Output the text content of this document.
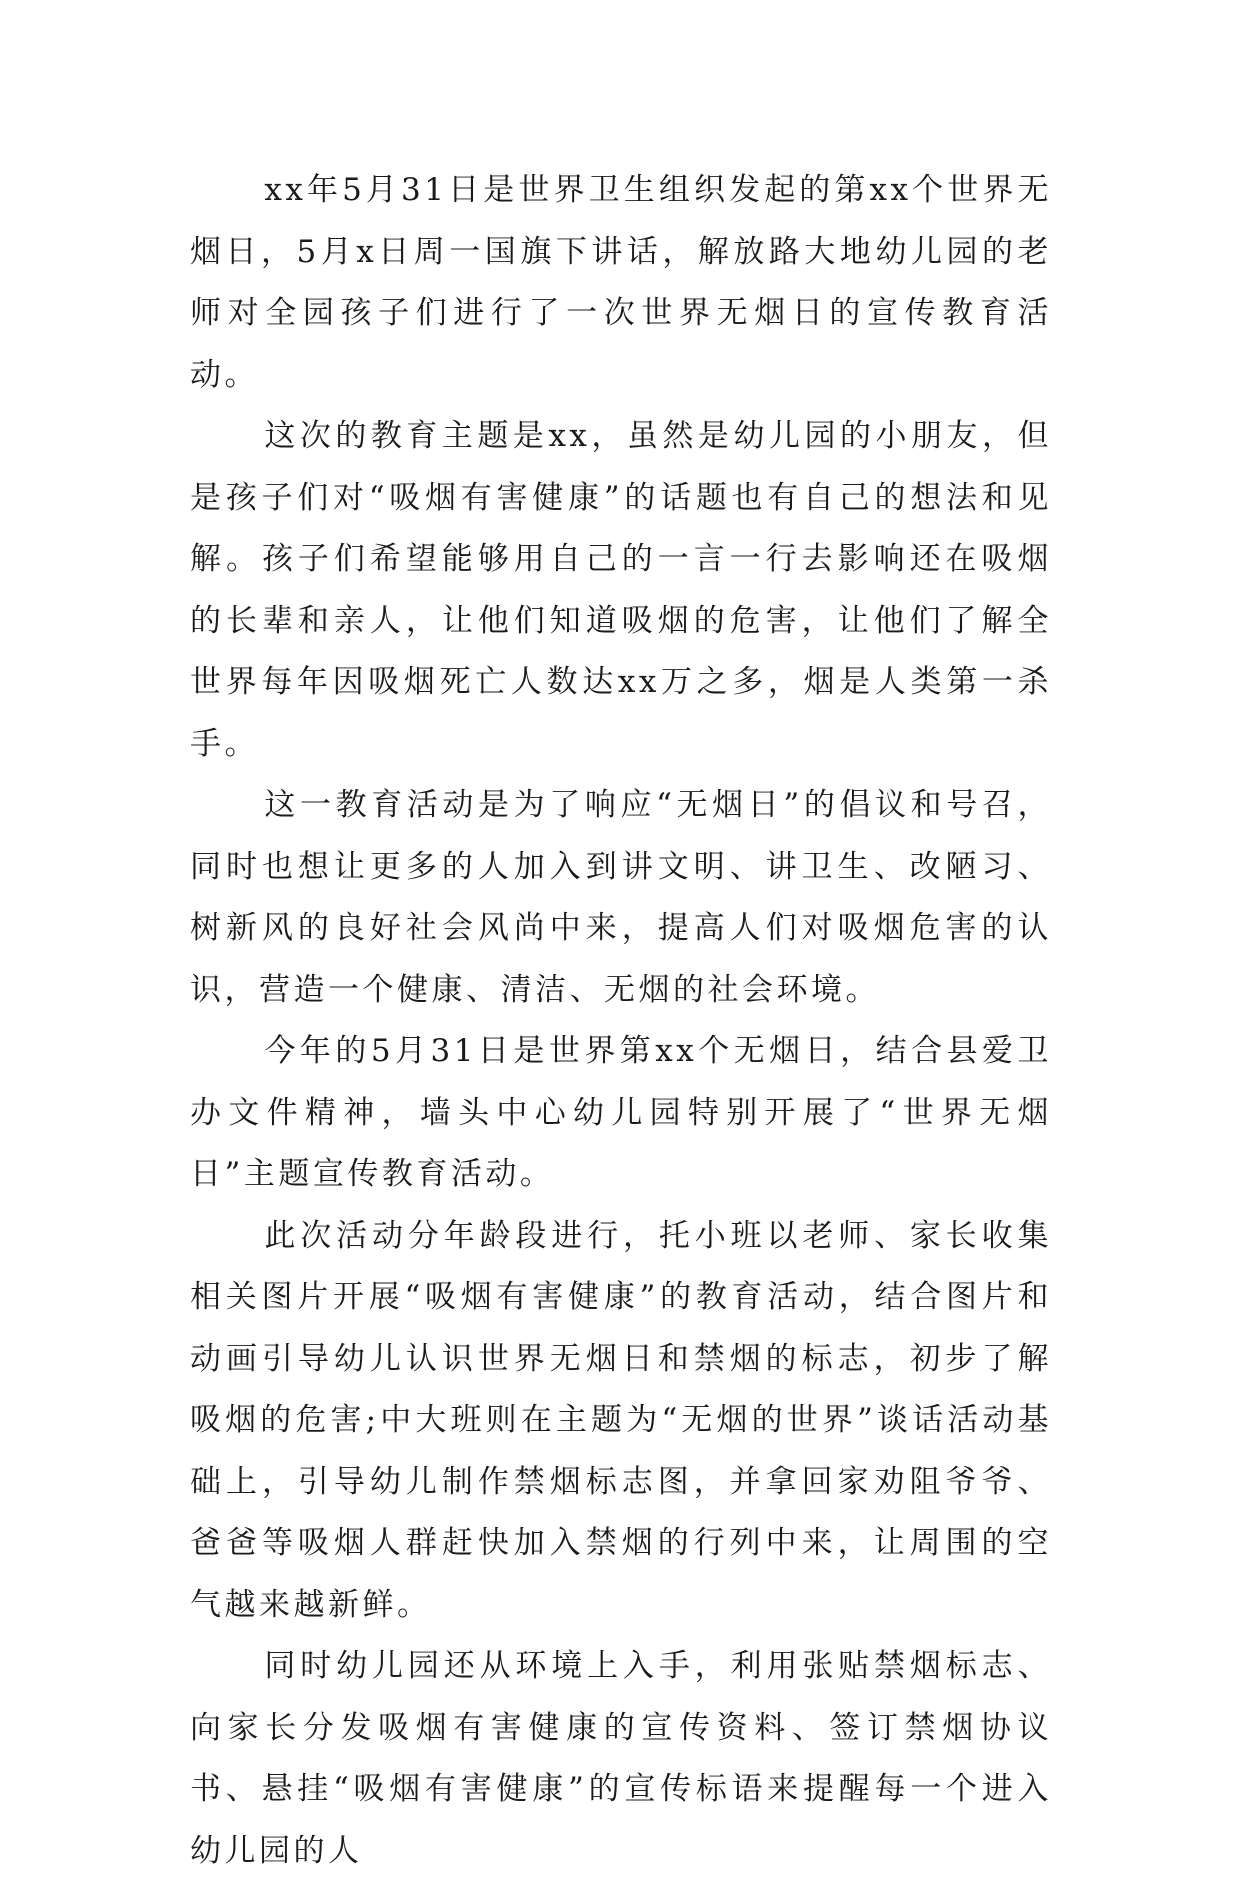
xx年5月31日是世界卫生组织发起的第xx个世界无烟日，5月x日周一国旗下讲话，解放路大地幼儿园的老师对全园孩子们进行了一次世界无烟日的宣传教育活动。

这次的教育主题是xx，虽然是幼儿园的小朋友，但是孩子们对“吸烟有害健康”的话题也有自己的想法和见解。孩子们希望能够用自己的一言一行去影响还在吸烟的长辈和亲人，让他们知道吸烟的危害，让他们了解全世界每年因吸烟死亡人数达xx万之多，烟是人类第一杀手。

这一教育活动是为了响应“无烟日”的倡议和号召，同时也想让更多的人加入到讲文明、讲卫生、改陋习、树新风的良好社会风尚中来，提高人们对吸烟危害的认识，营造一个健康、清洁、无烟的社会环境。

今年的5月31日是世界第xx个无烟日，结合县爱卫办文件精神，墙头中心幼儿园特别开展了“世界无烟日”主题宣传教育活动。

此次活动分年龄段进行，托小班以老师、家长收集相关图片开展“吸烟有害健康”的教育活动，结合图片和动画引导幼儿认识世界无烟日和禁烟的标志，初步了解吸烟的危害;中大班则在主题为“无烟的世界”谈话活动基础上，引导幼儿制作禁烟标志图，并拿回家劝阻爷爷、爸爸等吸烟人群赶快加入禁烟的行列中来，让周围的空气越来越新鲜。

同时幼儿园还从环境上入手，利用张贴禁烟标志、向家长分发吸烟有害健康的宣传资料、签订禁烟协议书、悬挂“吸烟有害健康”的宣传标语来提醒每一个进入幼儿园的人
